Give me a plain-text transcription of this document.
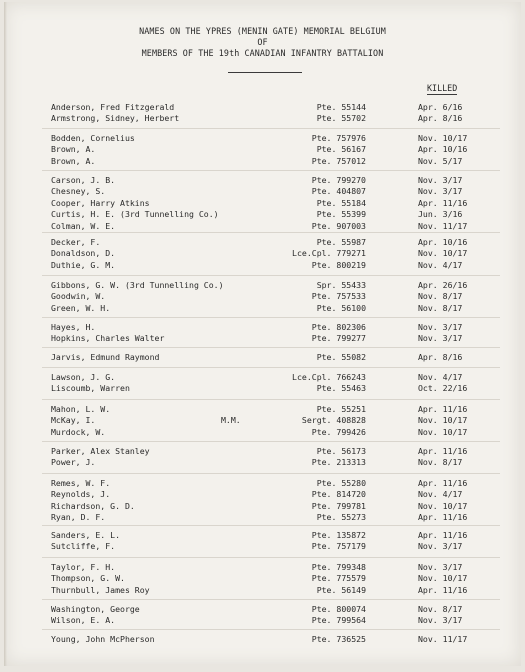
NAMES ON THE YPRES (MENIN GATE) MEMORIAL BELGIUM
OF
MEMBERS OF THE 19th CANADIAN INFANTRY BATTALION
KILLED
Anderson, Fred Fitzgerald	Pte. 55144	Apr. 6/16
Armstrong, Sidney, Herbert	Pte. 55702	Apr. 8/16
Bodden, Cornelius	Pte. 757976	Nov. 10/17
Brown, A.	Pte. 56167	Apr. 10/16
Brown, A.	Pte. 757012	Nov. 5/17
Carson, J. B.	Pte. 799270	Nov. 3/17
Chesney, S.	Pte. 404807	Nov. 3/17
Cooper, Harry Atkins	Pte. 55184	Apr. 11/16
Curtis, H. E. (3rd Tunnelling Co.)	Pte. 55399	Jun. 3/16
Colman, W. E.	Pte. 907003	Nov. 11/17
Decker, F.	Pte. 55987	Apr. 10/16
Donaldson, D.	Lce.Cpl. 779271	Nov. 10/17
Duthie, G. M.	Pte. 800219	Nov. 4/17
Gibbons, G. W. (3rd Tunnelling Co.)	Spr. 55433	Apr. 26/16
Goodwin, W.	Pte. 757533	Nov. 8/17
Green, W. H.	Pte. 56100	Nov. 8/17
Hayes, H.	Pte. 802306	Nov. 3/17
Hopkins, Charles Walter	Pte. 799277	Nov. 3/17
Jarvis, Edmund Raymond	Pte. 55082	Apr. 8/16
Lawson, J. G.	Lce.Cpl. 766243	Nov. 4/17
Liscoumb, Warren	Pte. 55463	Oct. 22/16
Mahon, L. W.	Pte. 55251	Apr. 11/16
McKay, I.	M.M.	Sergt. 408828	Nov. 10/17
Murdock, W.	Pte. 799426	Nov. 10/17
Parker, Alex Stanley	Pte. 56173	Apr. 11/16
Power, J.	Pte. 213313	Nov. 8/17
Remes, W. F.	Pte. 55280	Apr. 11/16
Reynolds, J.	Pte. 814720	Nov. 4/17
Richardson, G. D.	Pte. 799781	Nov. 10/17
Ryan, D. F.	Pte. 55273	Apr. 11/16
Sanders, E. L.	Pte. 135872	Apr. 11/16
Sutcliffe, F.	Pte. 757179	Nov. 3/17
Taylor, F. H.	Pte. 799348	Nov. 3/17
Thompson, G. W.	Pte. 775579	Nov. 10/17
Thurnbull, James Roy	Pte. 56149	Apr. 11/16
Washington, George	Pte. 800074	Nov. 8/17
Wilson, E. A.	Pte. 799564	Nov. 3/17
Young, John McPherson	Pte. 736525	Nov. 11/17
